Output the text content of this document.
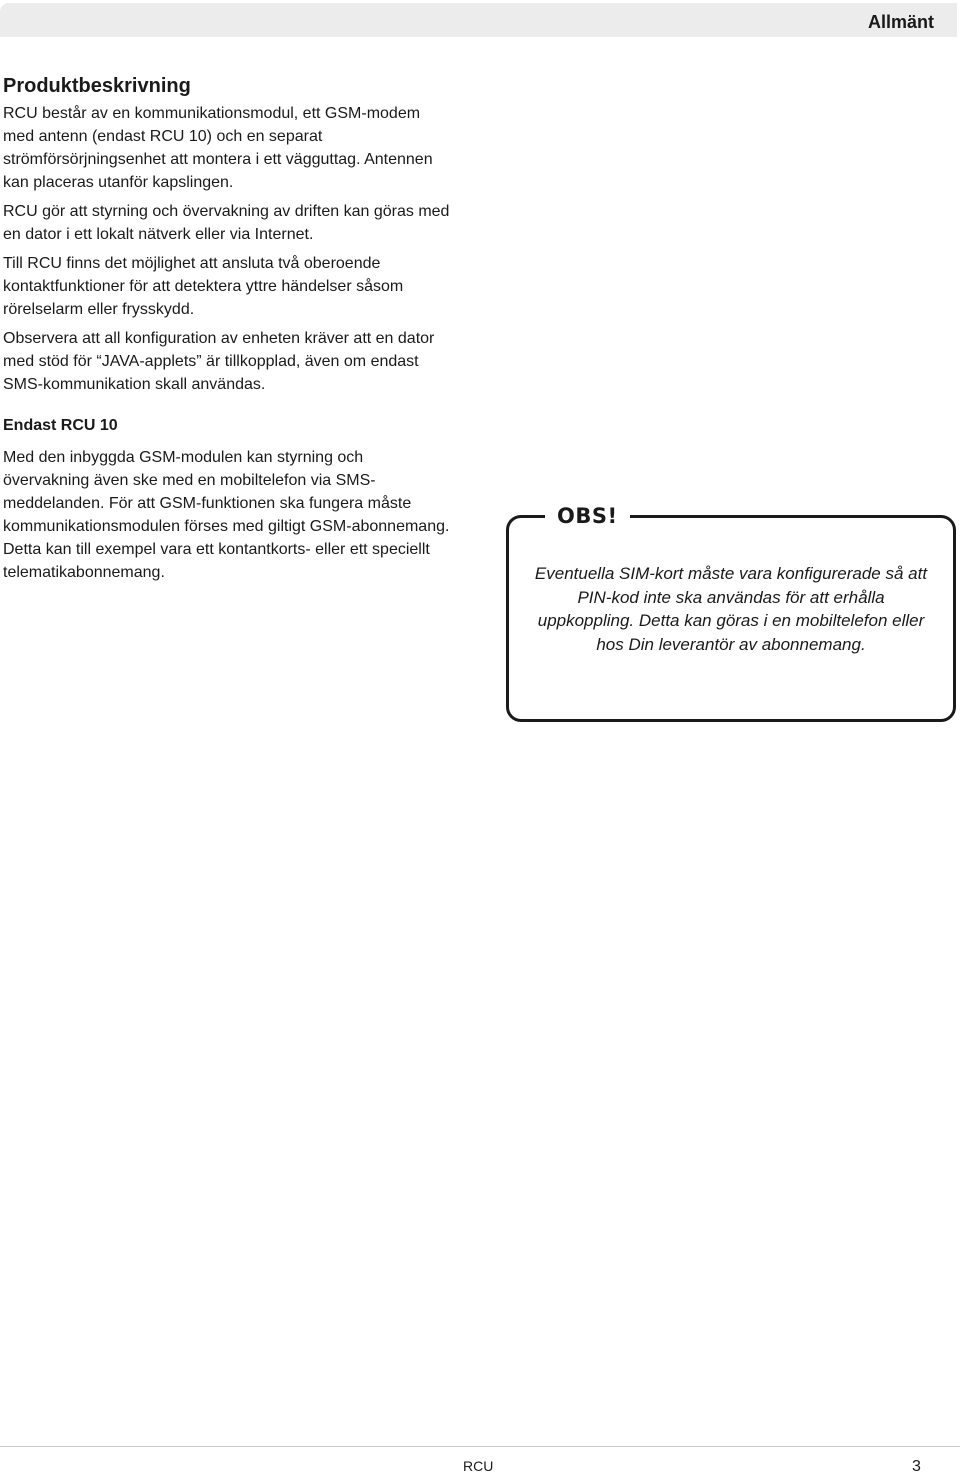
Allmänt
Produktbeskrivning

RCU består av en kommunikationsmodul, ett GSM-modem med antenn (endast RCU 10) och en separat strömförsörjningsenhet att montera i ett vägguttag. Antennen kan placeras utanför kapslingen.

RCU gör att styrning och övervakning av driften kan göras med en dator i ett lokalt nätverk eller via Internet.

Till RCU finns det möjlighet att ansluta två oberoende kontaktfunktioner för att detektera yttre händelser såsom rörelselarm eller frysskydd.

Observera att all konfiguration av enheten kräver att en dator med stöd för “JAVA-applets” är tillkopplad, även om endast SMS-kommunikation skall användas.

Endast RCU 10

Med den inbyggda GSM-modulen kan styrning och övervakning även ske med en mobiltelefon via SMS-meddelanden. För att GSM-funktionen ska fungera måste kommunikationsmodulen förses med giltigt GSM-abonnemang. Detta kan till exempel vara ett kontantkorts- eller ett speciellt telematikabonnemang.

OBS!
Eventuella SIM-kort måste vara konfigurerade så att PIN-kod inte ska användas för att erhålla uppkoppling. Detta kan göras i en mobiltelefon eller hos Din leverantör av abonnemang.
RCU	3
